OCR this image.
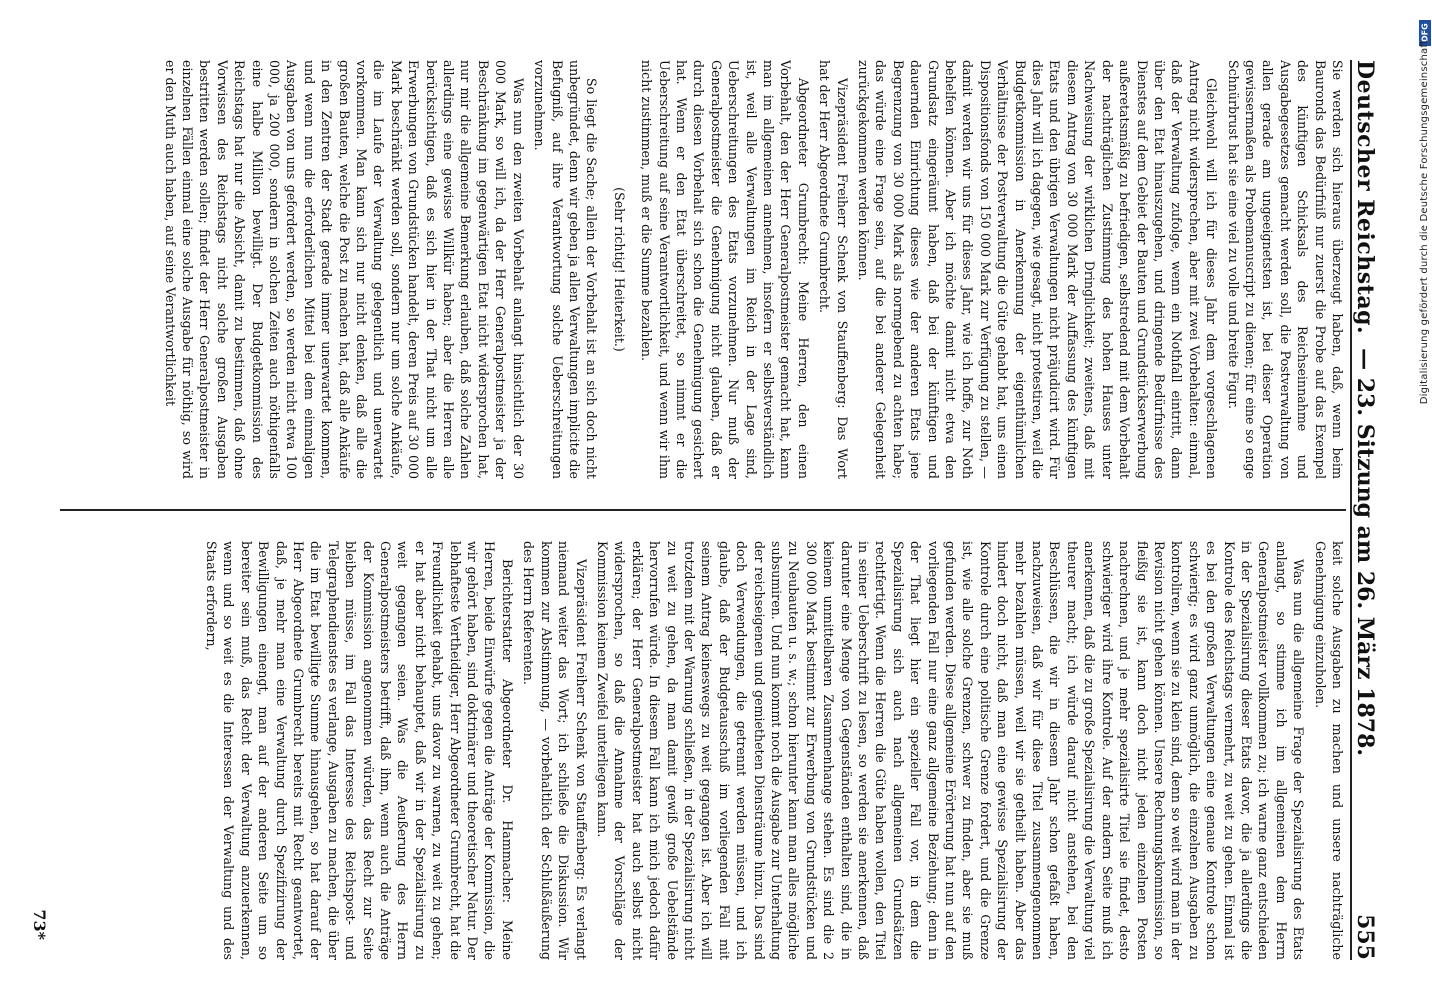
Deutscher Reichstag.
— 23. Sitzung am 26. März 1878.
555

Sie werden sich hieraus überzeugt haben, daß, wenn beim Bauronds das Bedürfniß nur zuerst die Probe auf das Exempel des künftigen Schicksals des Reichseinnahme und Ausgabegesetzes gemacht werden soll, die Postverwaltung von allen gerade am ungeeignetsten ist, bei dieser Operation gewissermaßen als Probemanuscript zu dienen; für eine so enge Schnürbrust hat sie eine viel zu volle und breite Figur.

Gleichwohl will ich für dieses Jahr dem vorgeschlagenen Antrag nicht widersprechen, aber mit zwei Vorbehalten: einmal, daß der Verwaltung zufolge, wenn ein Nothfall eintritt, dann über den Etat hinauszugehen, und dringende Bedürfnisse des Dienstes auf dem Gebiet der Bauten und Grundstückserwerbung außeretatsmäßig zu befriedigen, selbstredend mit dem Vorbehalt der nachträglichen Zustimmung des hohen Hauses unter Nachweisung der wirklichen Dringlichkeit; zweitens, daß mit diesem Antrag von 30 000 Mark der Auffassung des künftigen Etats und den übrigen Verwaltungen nicht präjudicirt wird. Für dies Jahr will ich dagegen, wie gesagt, nicht protestiren, weil die Budgetkommission in Anerkennung der eigenthümlichen Verhältnisse der Postverwaltung die Güte gehabt hat, uns einen Dispositionsfonds von 150 000 Mark zur Verfügung zu stellen, — damit werden wir uns für dieses Jahr, wie ich hoffe, zur Noth behelfen können. Aber ich möchte damit nicht etwa den Grundsatz eingeräumt haben, daß bei der künftigen und dauernden Einrichtung dieses wie der anderen Etats jene Begrenzung von 30 000 Mark als normgebend zu achten habe; das würde eine Frage sein, auf die bei anderer Gelegenheit zurückgekommen werden können.

Vizepräsident Freiherr Schenk von Stauffenberg: Das Wort hat der Herr Abgeordnete Grumbrecht.

Abgeordneter Grumbrecht: Meine Herren, den einen Vorbehalt, den der Herr Generalpostmeister gemacht hat, kann man im allgemeinen annehmen, insofern er selbstverständlich ist, weil alle Verwaltungen im Reich in der Lage sind, Ueberschreitungen des Etats vorzunehmen. Nur muß der Generalpostmeister die Genehmigung nicht glauben, daß er durch diesen Vorbehalt sich schon die Genehmigung gesichert hat. Wenn er den Etat überschreitet, so nimmt er die Ueberschreitung auf seine Verantwortlichkeit, und wenn wir ihm nicht zustimmen, muß er die Summe bezahlen.

(Sehr richtig! Heiterkeit.)

So liegt die Sache; allein der Vorbehalt ist an sich doch nicht unbegründet, denn wir geben ja allen Verwaltungen implicite die Befugniß, auf ihre Verantwortung solche Ueberschreitungen vorzunehmen.

Was nun den zweiten Vorbehalt anlangt hinsichtlich der 30 000 Mark, so will ich, da der Herr Generalpostmeister ja der Beschränkung im gegenwärtigen Etat nicht widersprochen hat, nur mir die allgemeine Bemerkung erlauben, daß solche Zahlen allerdings eine gewisse Willkür haben; aber die Herren alle berücksichtigen, daß es sich hier in der That nicht um alle Erwerbungen von Grundstücken handelt, deren Preis auf 30 000 Mark beschränkt werden soll, sondern nur um solche Ankäufe, die im Laufe der Verwaltung gelegentlich und unerwartet vorkommen. Man kann sich nur nicht denken, daß alle die großen Bauten, welche die Post zu machen hat, daß alle Ankäufe in den Zentren der Stadt gerade immer unerwartet kommen, und wenn nun die erforderlichen Mittel bei dem einmaligen Ausgaben von uns gefordert werden, so werden nicht etwa 100 000, ja 200 000, sondern in solchen Zeiten auch nöthigenfalls eine halbe Million bewilligt. Der Budgetkommission des Reichstags hat nur die Absicht, damit zu bestimmen, daß ohne Vorwissen des Reichstags nicht solche großen Ausgaben bestritten werden sollen; findet der Herr Generalpostmeister in einzelnen Fällen einmal eine solche Ausgabe für nöthig, so wird er den Muth auch haben, auf seine Verantwortlichkeit

keit solche Ausgaben zu machen und unsere nachträgliche Genehmigung einzuholen.

Was nun die allgemeine Frage der Spezialisirung des Etats anlangt, so stimme ich im allgemeinen dem Herrn Generalpostmeister vollkommen zu; ich warne ganz entschieden in der Spezialisirung dieser Etats davor, die ja allerdings die Kontrole des Reichstags vermehrt, zu weit zu gehen. Einmal ist es bei den großen Verwaltungen eine genaue Kontrole schon schwierig; es wird ganz unmöglich, die einzelnen Ausgaben zu kontroliren, wenn sie zu klein sind, denn so weit wird man in der Revision nicht gehen können. Unsere Rechnungskommission, so fleißig sie ist, kann doch nicht jeden einzelnen Posten nachrechnen, und je mehr spezialisirte Titel sie findet, desto schwieriger wird ihre Kontrole. Auf der andern Seite muß ich anerkennen, daß die zu große Spezialisirung die Verwaltung viel theurer macht; ich würde darauf nicht anstehen, bei den Beschlüssen, die wir in diesem Jahr schon gefaßt haben, nachzuweisen, daß wir für diese Titel zusammengenommen mehr bezahlen müssen, weil wir sie getheilt haben. Aber das hindert doch nicht, daß man eine gewisse Spezialisirung der Kontrole durch eine politische Grenze fordert, und die Grenze ist, wie alle solche Grenzen, schwer zu finden, aber sie muß gefunden werden. Diese allgemeine Erörterung hat nun auf den vorliegenden Fall nur eine ganz allgemeine Beziehung; denn in der That liegt hier ein spezieller Fall vor, in dem die Spezialisirung sich auch nach allgemeinen Grundsätzen rechtfertigt. Wenn die Herren die Güte haben wollen, den Titel in seiner Ueberschrift zu lesen, so werden sie anerkennen, daß darunter eine Menge von Gegenständen enthalten sind, die in keinem unmittelbaren Zusammenhange stehen. Es sind die 2 300 000 Mark bestimmt zur Erwerbung von Grundstücken und zu Neubauten u. s. w.; schon hierunter kann man alles mögliche subsumiren. Und nun kommt noch die Ausgabe zur Unterhaltung der reichseigenen und gemietheten Diensträume hinzu. Das sind doch Verwendungen, die getrennt werden müssen, und ich glaube, daß der Budgetausschuß im vorliegenden Fall mit seinem Antrag keineswegs zu weit gegangen ist. Aber ich will trotzdem mit der Warnung schließen, in der Spezialisirung nicht zu weit zu gehen, da man damit gewiß große Uebelstände hervorrufen würde. In diesem Fall kann ich mich jedoch dafür erklären; der Herr Generalpostmeister hat auch selbst nicht widersprochen, so daß die Annahme der Vorschläge der Kommission keinem Zweifel unterliegen kann.

Vizepräsident Freiherr Schenk von Stauffenberg: Es verlangt niemand weiter das Wort; ich schließe die Diskussion. Wir kommen zur Abstimmung, — vorbehaltlich der Schlußäußerung des Herrn Referenten.

Berichterstatter Abgeordneter Dr. Hammacher: Meine Herren, beide Einwürfe gegen die Anträge der Kommission, die wir gehört haben, sind doktrinärer und theoretischer Natur. Der lebhafteste Vertheidiger, Herr Abgeordneter Grumbrecht, hat die Freundlichkeit gehabt, uns davor zu warnen, zu weit zu gehen; er hat aber nicht behauptet, daß wir in der Spezialisirung zu weit gegangen seien. Was die Aeußerung des Herrn Generalpostmeisters betrifft, daß ihm, wenn auch die Anträge der Kommission angenommen würden, das Recht zur Seite bleiben müsse, im Fall das Interesse des Reichspost- und Telegraphendienstes es verlange, Ausgaben zu machen, die über die im Etat bewilligte Summe hinausgehen, so hat darauf der Herr Abgeordnete Grumbrecht bereits mit Recht geantwortet, daß, je mehr man eine Verwaltung durch Spezifizirung der Bewilligungen einengt, man auf der anderen Seite um so bereiter sein muß, das Recht der Verwaltung anzuerkennen, wenn und so weit es die Interessen der Verwaltung und des Staats erfordern,

73*
DFG
Digitalisierung gefördert durch die Deutsche Forschungsgemeinschaft
